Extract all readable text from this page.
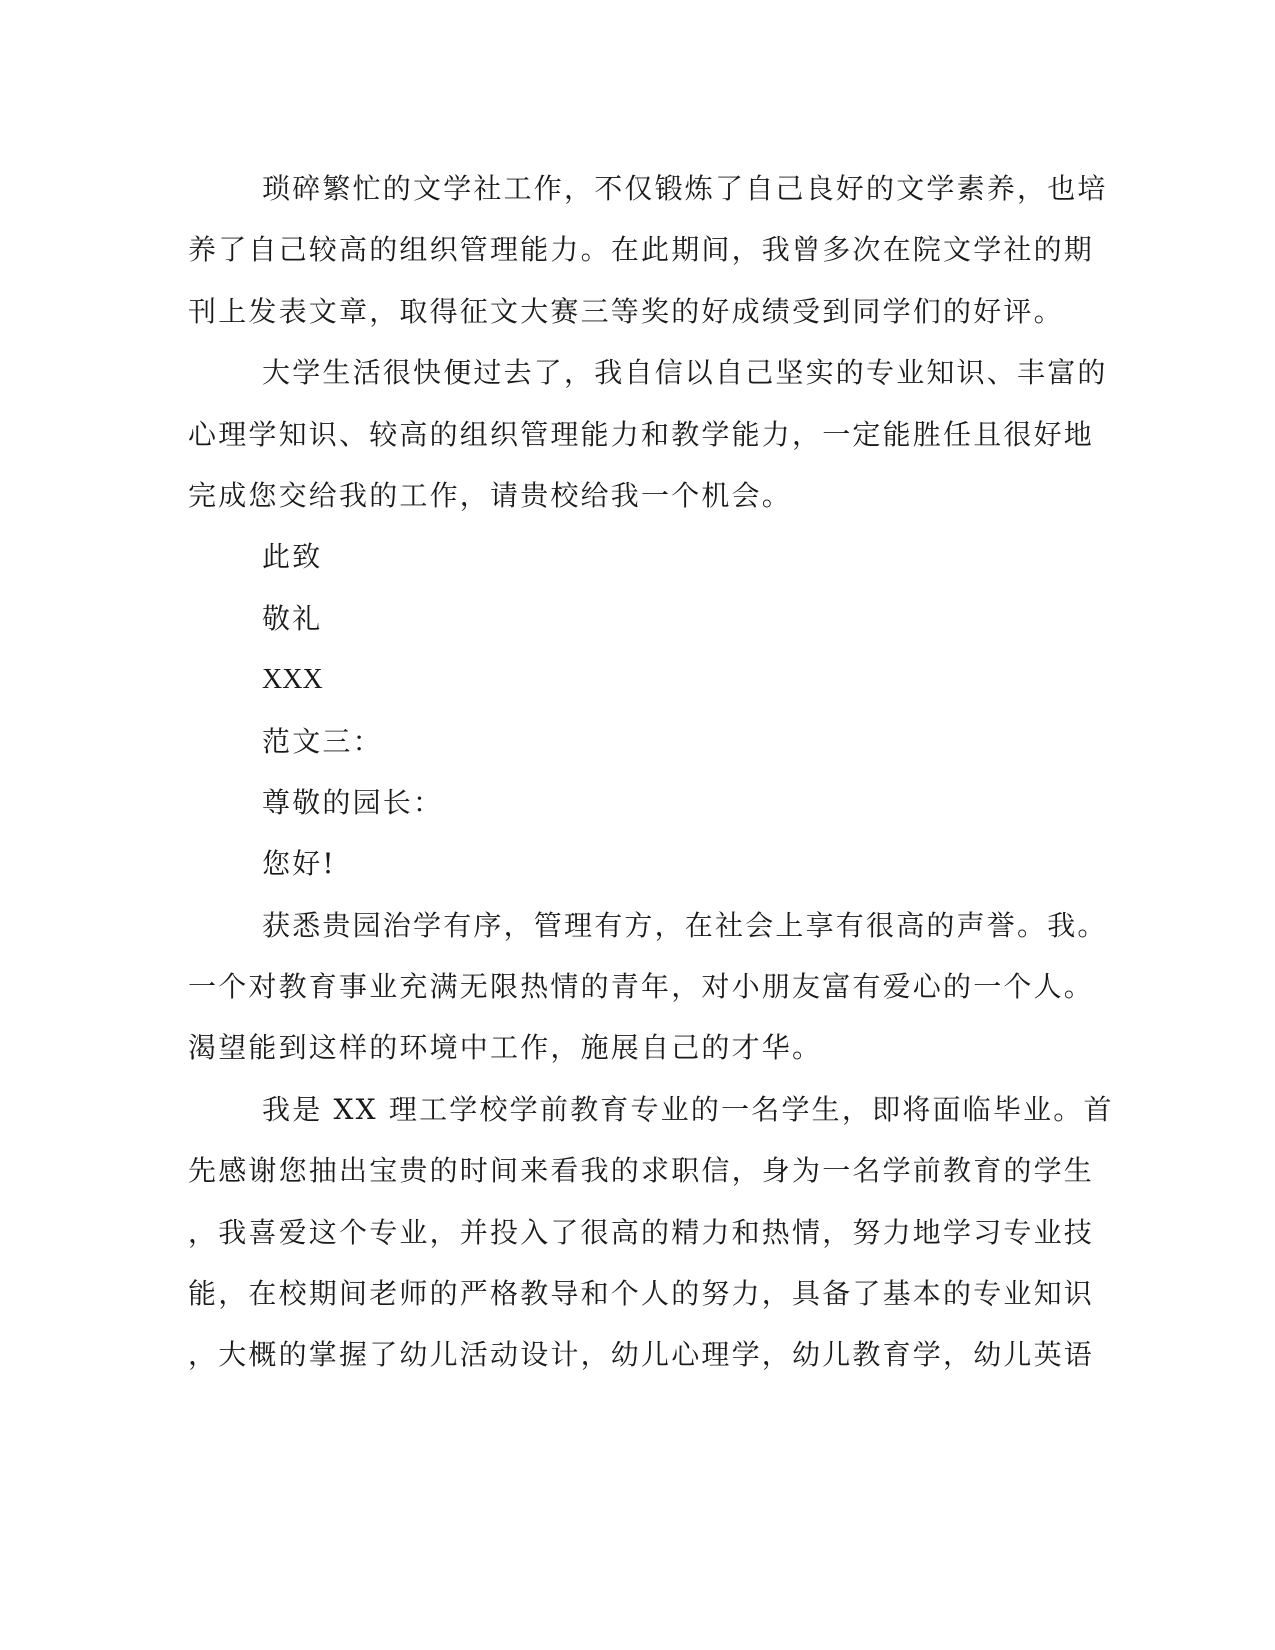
琐碎繁忙的文学社工作，不仅锻炼了自己良好的文学素养，也培
养了自己较高的组织管理能力。在此期间，我曾多次在院文学社的期
刊上发表文章，取得征文大赛三等奖的好成绩受到同学们的好评。
大学生活很快便过去了，我自信以自己坚实的专业知识、丰富的
心理学知识、较高的组织管理能力和教学能力，一定能胜任且很好地
完成您交给我的工作，请贵校给我一个机会。
此致
敬礼
XXX
范文三：
尊敬的园长：
您好!
获悉贵园治学有序，管理有方，在社会上享有很高的声誉。我。
一个对教育事业充满无限热情的青年，对小朋友富有爱心的一个人。
渴望能到这样的环境中工作，施展自己的才华。
我是 XX 理工学校学前教育专业的一名学生，即将面临毕业。首
先感谢您抽出宝贵的时间来看我的求职信，身为一名学前教育的学生
，我喜爱这个专业，并投入了很高的精力和热情，努力地学习专业技
能，在校期间老师的严格教导和个人的努力，具备了基本的专业知识
，大概的掌握了幼儿活动设计，幼儿心理学，幼儿教育学，幼儿英语
